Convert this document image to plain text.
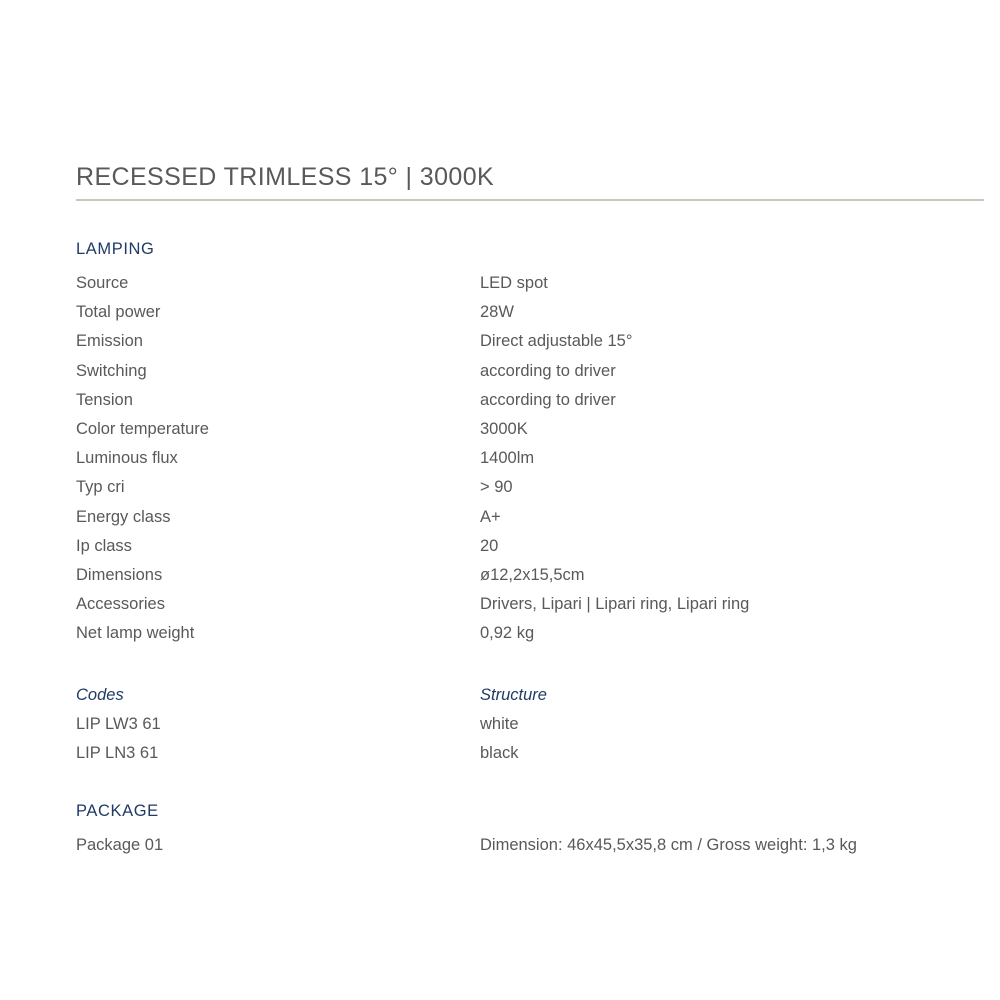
RECESSED TRIMLESS 15° | 3000K
LAMPING
Source	LED spot
Total power	28W
Emission	Direct adjustable 15°
Switching	according to driver
Tension	according to driver
Color temperature	3000K
Luminous flux	1400lm
Typ cri	> 90
Energy class	A+
Ip class	20
Dimensions	ø12,2x15,5cm
Accessories	Drivers, Lipari | Lipari ring, Lipari ring
Net lamp weight	0,92 kg
Codes	Structure
LIP LW3 61	white
LIP LN3 61	black
PACKAGE
Package 01	Dimension: 46x45,5x35,8 cm / Gross weight: 1,3 kg
